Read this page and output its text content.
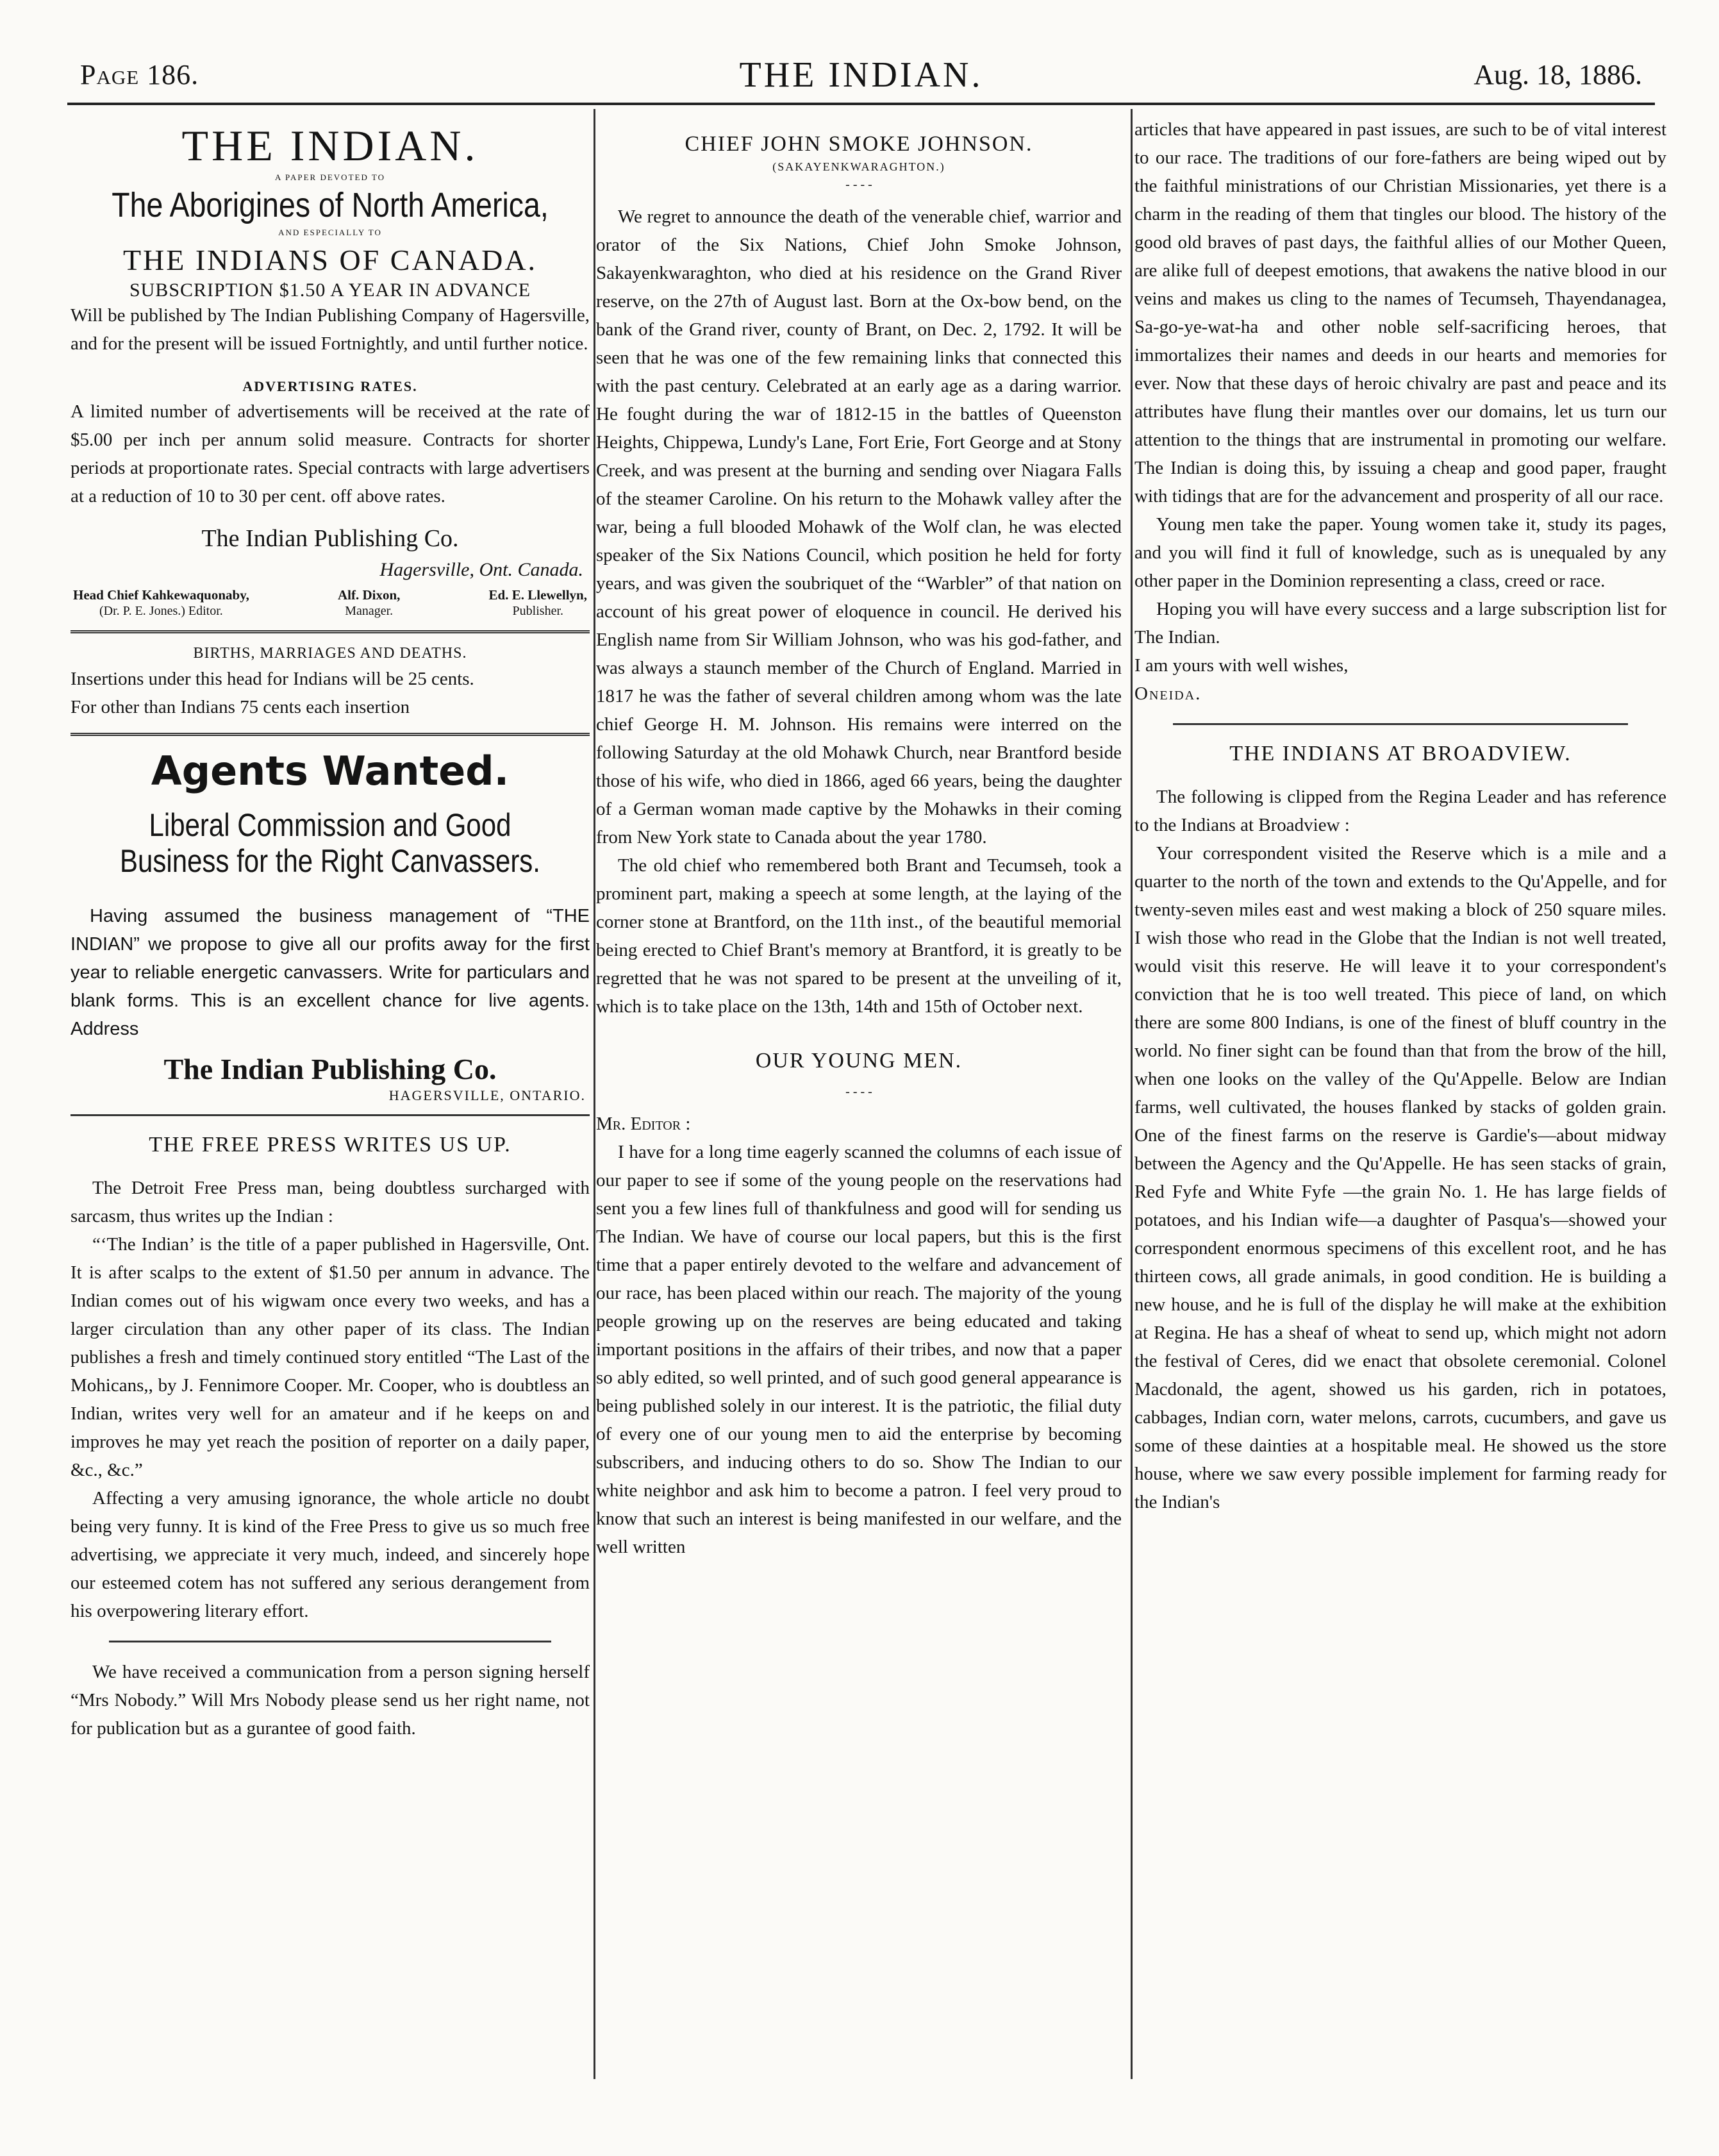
Page 186.	THE INDIAN.	Aug. 18, 1886.
THE INDIAN.
A PAPER DEVOTED TO
The Aborigines of North America,
AND ESPECIALLY TO
THE INDIANS OF CANADA.
SUBSCRIPTION $1.50 A YEAR IN ADVANCE

Will be published by The Indian Publishing Company of Hagersville, and for the present will be issued Fortnightly, and until further notice.

ADVERTISING RATES.

A limited number of advertisements will be received at the rate of $5.00 per inch per annum solid measure. Contracts for shorter periods at proportionate rates. Special contracts with large advertisers at a reduction of 10 to 30 per cent. off above rates.

The Indian Publishing Co.
Hagersville, Ont. Canada.
Head Chief Kahkewaquonaby,
(Dr. P. E. Jones.) Editor.
Alf. Dixon,
Manager.
Ed. E. Llewellyn,
Publisher.
BIRTHS, MARRIAGES AND DEATHS.

Insertions under this head for Indians will be 25 cents.

For other than Indians 75 cents each insertion

Agents Wanted.
Liberal Commission and Good Business for the Right Canvassers.

Having assumed the business management of “THE INDIAN” we propose to give all our profits away for the first year to reliable energetic canvassers. Write for particulars and blank forms. This is an excellent chance for live agents. Address

The Indian Publishing Co.
HAGERSVILLE, ONTARIO.
THE FREE PRESS WRITES US UP.

The Detroit Free Press man, being doubtless surcharged with sarcasm, thus writes up the Indian :

“‘The Indian’ is the title of a paper published in Hagersville, Ont. It is after scalps to the extent of $1.50 per annum in advance. The Indian comes out of his wigwam once every two weeks, and has a larger circulation than any other paper of its class. The Indian publishes a fresh and timely continued story entitled “The Last of the Mohicans,, by J. Fennimore Cooper. Mr. Cooper, who is doubtless an Indian, writes very well for an amateur and if he keeps on and improves he may yet reach the position of reporter on a daily paper, &c., &c.”

Affecting a very amusing ignorance, the whole article no doubt being very funny. It is kind of the Free Press to give us so much free advertising, we appreciate it very much, indeed, and sincerely hope our esteemed cotem has not suffered any serious derangement from his overpowering literary effort.

We have received a communication from a person signing herself “Mrs Nobody.” Will Mrs Nobody please send us her right name, not for publication but as a gurantee of good faith.

CHIEF JOHN SMOKE JOHNSON.
(SAKAYENKWARAGHTON.)
- - - -

We regret to announce the death of the venerable chief, warrior and orator of the Six Nations, Chief John Smoke Johnson, Sakayenkwaraghton, who died at his residence on the Grand River reserve, on the 27th of August last. Born at the Ox-bow bend, on the bank of the Grand river, county of Brant, on Dec. 2, 1792. It will be seen that he was one of the few remaining links that connected this with the past century. Celebrated at an early age as a daring warrior. He fought during the war of 1812-15 in the battles of Queenston Heights, Chippewa, Lundy's Lane, Fort Erie, Fort George and at Stony Creek, and was present at the burning and sending over Niagara Falls of the steamer Caroline. On his return to the Mohawk valley after the war, being a full blooded Mohawk of the Wolf clan, he was elected speaker of the Six Nations Council, which position he held for forty years, and was given the soubriquet of the “Warbler” of that nation on account of his great power of eloquence in council. He derived his English name from Sir William Johnson, who was his god-father, and was always a staunch member of the Church of England. Married in 1817 he was the father of several children among whom was the late chief George H. M. Johnson. His remains were interred on the following Saturday at the old Mohawk Church, near Brantford beside those of his wife, who died in 1866, aged 66 years, being the daughter of a German woman made captive by the Mohawks in their coming from New York state to Canada about the year 1780.

The old chief who remembered both Brant and Tecumseh, took a prominent part, making a speech at some length, at the laying of the corner stone at Brantford, on the 11th inst., of the beautiful memorial being erected to Chief Brant's memory at Brantford, it is greatly to be regretted that he was not spared to be present at the unveiling of it, which is to take place on the 13th, 14th and 15th of October next.

OUR YOUNG MEN.
- - - -

Mr. Editor :

I have for a long time eagerly scanned the columns of each issue of our paper to see if some of the young people on the reservations had sent you a few lines full of thankfulness and good will for sending us The Indian. We have of course our local papers, but this is the first time that a paper entirely devoted to the welfare and advancement of our race, has been placed within our reach. The majority of the young people growing up on the reserves are being educated and taking important positions in the affairs of their tribes, and now that a paper so ably edited, so well printed, and of such good general appearance is being published solely in our interest. It is the patriotic, the filial duty of every one of our young men to aid the enterprise by becoming subscribers, and inducing others to do so. Show The Indian to our white neighbor and ask him to become a patron. I feel very proud to know that such an interest is being manifested in our welfare, and the well written

articles that have appeared in past issues, are such to be of vital interest to our race. The traditions of our fore-fathers are being wiped out by the faithful ministrations of our Christian Missionaries, yet there is a charm in the reading of them that tingles our blood. The history of the good old braves of past days, the faithful allies of our Mother Queen, are alike full of deepest emotions, that awakens the native blood in our veins and makes us cling to the names of Tecumseh, Thayendanagea, Sa-go-ye-wat-ha and other noble self-sacrificing heroes, that immortalizes their names and deeds in our hearts and memories for ever. Now that these days of heroic chivalry are past and peace and its attributes have flung their mantles over our domains, let us turn our attention to the things that are instrumental in promoting our welfare. The Indian is doing this, by issuing a cheap and good paper, fraught with tidings that are for the advancement and prosperity of all our race.

Young men take the paper. Young women take it, study its pages, and you will find it full of knowledge, such as is unequaled by any other paper in the Dominion representing a class, creed or race.

Hoping you will have every success and a large subscription list for The Indian.

I am yours with well wishes,

Oneida.

THE INDIANS AT BROADVIEW.

The following is clipped from the Regina Leader and has reference to the Indians at Broadview :

Your correspondent visited the Reserve which is a mile and a quarter to the north of the town and extends to the Qu'Appelle, and for twenty-seven miles east and west making a block of 250 square miles. I wish those who read in the Globe that the Indian is not well treated, would visit this reserve. He will leave it to your correspondent's conviction that he is too well treated. This piece of land, on which there are some 800 Indians, is one of the finest of bluff country in the world. No finer sight can be found than that from the brow of the hill, when one looks on the valley of the Qu'Appelle. Below are Indian farms, well cultivated, the houses flanked by stacks of golden grain. One of the finest farms on the reserve is Gardie's—about midway between the Agency and the Qu'Appelle. He has seen stacks of grain, Red Fyfe and White Fyfe —the grain No. 1. He has large fields of potatoes, and his Indian wife—a daughter of Pasqua's—showed your correspondent enormous specimens of this excellent root, and he has thirteen cows, all grade animals, in good condition. He is building a new house, and he is full of the display he will make at the exhibition at Regina. He has a sheaf of wheat to send up, which might not adorn the festival of Ceres, did we enact that obsolete ceremonial. Colonel Macdonald, the agent, showed us his garden, rich in potatoes, cabbages, Indian corn, water melons, carrots, cucumbers, and gave us some of these dainties at a hospitable meal. He showed us the store house, where we saw every possible implement for farming ready for the Indian's
